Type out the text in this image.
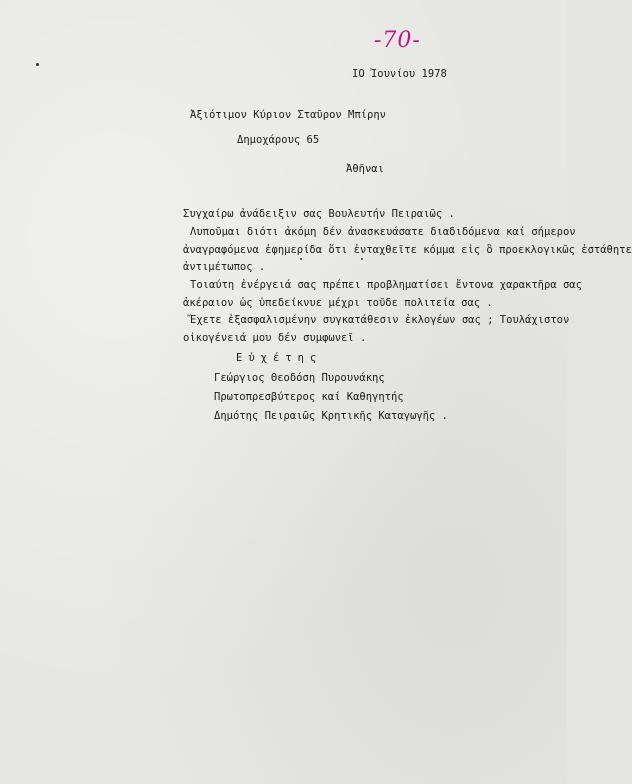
-70-
ΙΟ Ἰουνίου 1978
Ἀξιότιμον Κύριον Σταῦρον Μπίρην
Δημοχάρους 65
Ἀθῆναι
Συγχαίρω ἀνάδειξιν σας Βουλευτήν Πειραιῶς .
Λυποῦμαι διότι ἀκόμη δέν ἀνασκευάσατε διαδιδόμενα καί σήμερον
ἀναγραφόμενα ἐφημερίδα ὅτι ἐνταχθεῖτε κόμμα εἰς ὃ προεκλογικῶς ἐστάθητε
ἀντιμέτωπος .
Τοιαύτη ἐνέργειά σας πρέπει προβληματίσει ἔντονα χαρακτῆρα σας
ἀκέραιον ὡς ὑπεδείκνυε μέχρι τοῦδε πολιτεία σας .
Ἔχετε ἐξασφαλισμένην συγκατάθεσιν ἐκλογέων σας ; Τουλάχιστον
οἰκογένειά μου δέν συμφωνεῖ .
Εὐχέτης
Γεώργιος Θεοδόση Πυρουνάκης
Πρωτοπρεσβύτερος καί Καθηγητής
Δημότης Πειραιῶς Κρητικῆς Καταγωγῆς .
